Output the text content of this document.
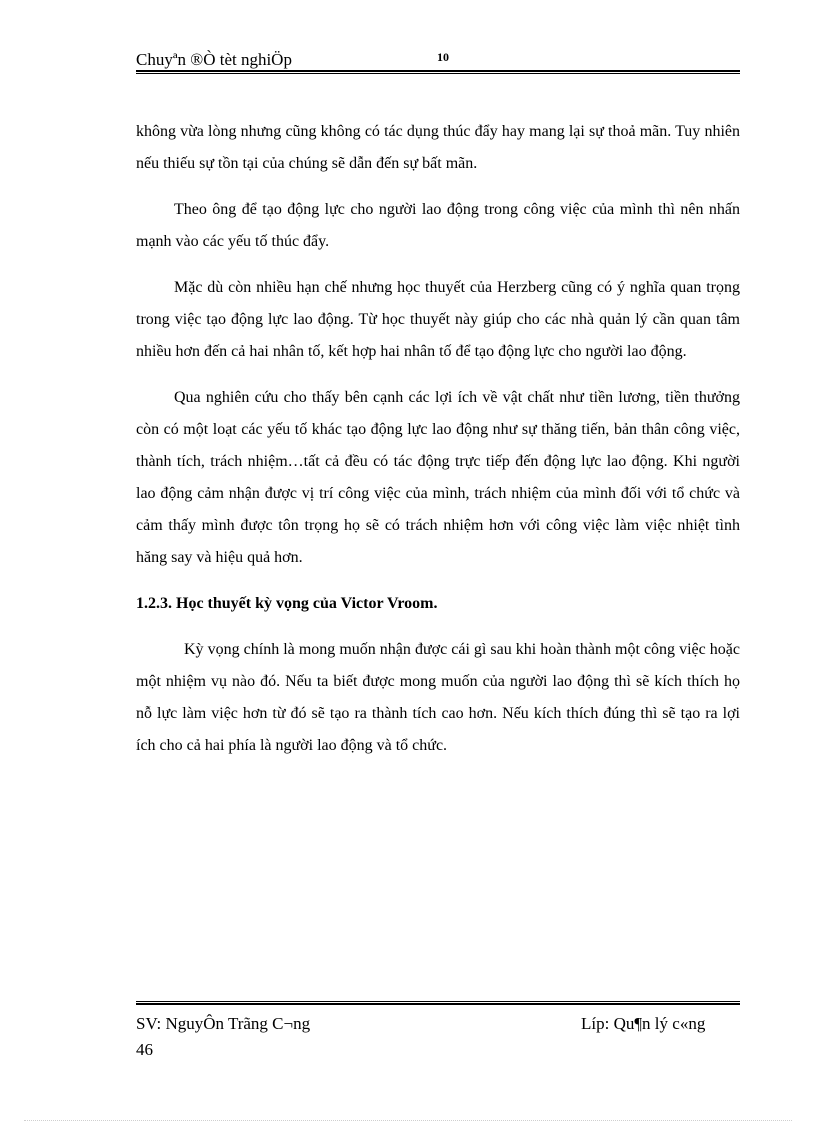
Chuyªn ®Ò tèt nghiÖp	10

không vừa lòng nhưng cũng không có tác dụng thúc đẩy hay mang lại sự thoả mãn. Tuy nhiên nếu thiếu sự tồn tại của chúng sẽ dẫn đến sự bất mãn.

Theo ông để tạo động lực cho người lao động trong công việc của mình thì nên nhấn mạnh vào các yếu tố thúc đẩy.

Mặc dù còn nhiều hạn chế nhưng học thuyết của Herzberg cũng có ý nghĩa quan trọng trong việc tạo động lực lao động. Từ học thuyết này giúp cho các nhà quản lý cần quan tâm nhiều hơn đến cả hai nhân tố, kết hợp hai nhân tố để tạo động lực cho người lao động.

Qua nghiên cứu cho thấy bên cạnh các lợi ích về vật chất như tiền lương, tiền thưởng còn có một loạt các yếu tố khác tạo động lực lao động như sự thăng tiến, bản thân công việc, thành tích, trách nhiệm…tất cả đều có tác động trực tiếp đến động lực lao động. Khi người lao động cảm nhận được vị trí công việc của mình, trách nhiệm của mình đối với tổ chức và cảm thấy mình được tôn trọng họ sẽ có trách nhiệm hơn với công việc làm việc nhiệt tình hăng say và hiệu quả hơn.

1.2.3. Học thuyết kỳ vọng của Victor Vroom.

Kỳ vọng chính là mong muốn nhận được cái gì sau khi hoàn thành một công việc hoặc một nhiệm vụ nào đó. Nếu ta biết được mong muốn của người lao động thì sẽ kích thích họ nỗ lực làm việc hơn từ đó sẽ tạo ra thành tích cao hơn. Nếu kích thích đúng thì sẽ tạo ra lợi ích cho cả hai phía là người lao động và tổ chức.

SV: NguyÔn Trãng C¬ng	Líp: Qu¶n lý c«ng
46
